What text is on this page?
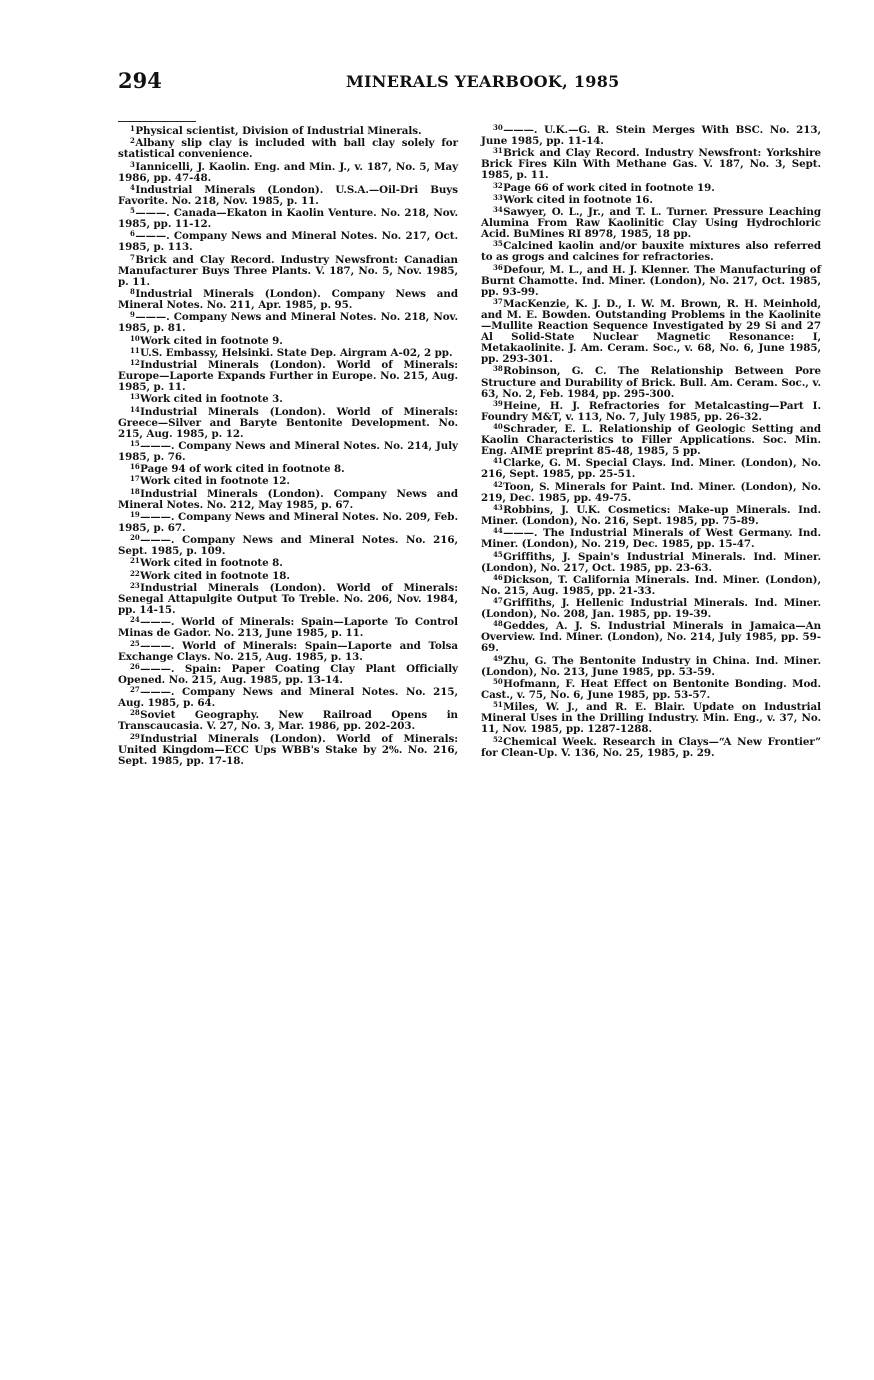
294	MINERALS YEARBOOK, 1985

$^1$Physical scientist, Division of Industrial Minerals.

$^2$Albany slip clay is included with ball clay solely for statistical convenience.

$^3$Iannicelli, J. Kaolin. Eng. and Min. J., v. 187, No. 5, May 1986, pp. 47-48.

$^4$Industrial Minerals (London). U.S.A.—Oil-Dri Buys Favorite. No. 218, Nov. 1985, p. 11.

$^5$———. Canada—Ekaton in Kaolin Venture. No. 218, Nov. 1985, pp. 11-12.

$^6$———. Company News and Mineral Notes. No. 217, Oct. 1985, p. 113.

$^7$Brick and Clay Record. Industry Newsfront: Canadian Manufacturer Buys Three Plants. V. 187, No. 5, Nov. 1985, p. 11.

$^8$Industrial Minerals (London). Company News and Mineral Notes. No. 211, Apr. 1985, p. 95.

$^9$———. Company News and Mineral Notes. No. 218, Nov. 1985, p. 81.

$^{10}$Work cited in footnote 9.

$^{11}$U.S. Embassy, Helsinki. State Dep. Airgram A-02, 2 pp.

$^{12}$Industrial Minerals (London). World of Minerals: Europe—Laporte Expands Further in Europe. No. 215, Aug. 1985, p. 11.

$^{13}$Work cited in footnote 3.

$^{14}$Industrial Minerals (London). World of Minerals: Greece—Silver and Baryte Bentonite Development. No. 215, Aug. 1985, p. 12.

$^{15}$———. Company News and Mineral Notes. No. 214, July 1985, p. 76.

$^{16}$Page 94 of work cited in footnote 8.

$^{17}$Work cited in footnote 12.

$^{18}$Industrial Minerals (London). Company News and Mineral Notes. No. 212, May 1985, p. 67.

$^{19}$———. Company News and Mineral Notes. No. 209, Feb. 1985, p. 67.

$^{20}$———. Company News and Mineral Notes. No. 216, Sept. 1985, p. 109.

$^{21}$Work cited in footnote 8.

$^{22}$Work cited in footnote 18.

$^{23}$Industrial Minerals (London). World of Minerals: Senegal Attapulgite Output To Treble. No. 206, Nov. 1984, pp. 14-15.

$^{24}$———. World of Minerals: Spain—Laporte To Control Minas de Gador. No. 213, June 1985, p. 11.

$^{25}$———. World of Minerals: Spain—Laporte and Tolsa Exchange Clays. No. 215, Aug. 1985, p. 13.

$^{26}$———. Spain: Paper Coating Clay Plant Officially Opened. No. 215, Aug. 1985, pp. 13-14.

$^{27}$———. Company News and Mineral Notes. No. 215, Aug. 1985, p. 64.

$^{28}$Soviet Geography. New Railroad Opens in Transcaucasia. V. 27, No. 3, Mar. 1986, pp. 202-203.

$^{29}$Industrial Minerals (London). World of Minerals: United Kingdom—ECC Ups WBB's Stake by 2%. No. 216, Sept. 1985, pp. 17-18.

$^{30}$———. U.K.—G. R. Stein Merges With BSC. No. 213, June 1985, pp. 11-14.

$^{31}$Brick and Clay Record. Industry Newsfront: Yorkshire Brick Fires Kiln With Methane Gas. V. 187, No. 3, Sept. 1985, p. 11.

$^{32}$Page 66 of work cited in footnote 19.

$^{33}$Work cited in footnote 16.

$^{34}$Sawyer, O. L., Jr., and T. L. Turner. Pressure Leaching Alumina From Raw Kaolinitic Clay Using Hydrochloric Acid. BuMines RI 8978, 1985, 18 pp.

$^{35}$Calcined kaolin and/or bauxite mixtures also referred to as grogs and calcines for refractories.

$^{36}$Defour, M. L., and H. J. Klenner. The Manufacturing of Burnt Chamotte. Ind. Miner. (London), No. 217, Oct. 1985, pp. 93-99.

$^{37}$MacKenzie, K. J. D., I. W. M. Brown, R. H. Meinhold, and M. E. Bowden. Outstanding Problems in the Kaolinite—Mullite Reaction Sequence Investigated by 29 Si and 27 Al Solid-State Nuclear Magnetic Resonance: I, Metakaolinite. J. Am. Ceram. Soc., v. 68, No. 6, June 1985, pp. 293-301.

$^{38}$Robinson, G. C. The Relationship Between Pore Structure and Durability of Brick. Bull. Am. Ceram. Soc., v. 63, No. 2, Feb. 1984, pp. 295-300.

$^{39}$Heine, H. J. Refractories for Metalcasting—Part I. Foundry M&T, v. 113, No. 7, July 1985, pp. 26-32.

$^{40}$Schrader, E. L. Relationship of Geologic Setting and Kaolin Characteristics to Filler Applications. Soc. Min. Eng. AIME preprint 85-48, 1985, 5 pp.

$^{41}$Clarke, G. M. Special Clays. Ind. Miner. (London), No. 216, Sept. 1985, pp. 25-51.

$^{42}$Toon, S. Minerals for Paint. Ind. Miner. (London), No. 219, Dec. 1985, pp. 49-75.

$^{43}$Robbins, J. U.K. Cosmetics: Make-up Minerals. Ind. Miner. (London), No. 216, Sept. 1985, pp. 75-89.

$^{44}$———. The Industrial Minerals of West Germany. Ind. Miner. (London), No. 219, Dec. 1985, pp. 15-47.

$^{45}$Griffiths, J. Spain's Industrial Minerals. Ind. Miner. (London), No. 217, Oct. 1985, pp. 23-63.

$^{46}$Dickson, T. California Minerals. Ind. Miner. (London), No. 215, Aug. 1985, pp. 21-33.

$^{47}$Griffiths, J. Hellenic Industrial Minerals. Ind. Miner. (London), No. 208, Jan. 1985, pp. 19-39.

$^{48}$Geddes, A. J. S. Industrial Minerals in Jamaica—An Overview. Ind. Miner. (London), No. 214, July 1985, pp. 59-69.

$^{49}$Zhu, G. The Bentonite Industry in China. Ind. Miner. (London), No. 213, June 1985, pp. 53-59.

$^{50}$Hofmann, F. Heat Effect on Bentonite Bonding. Mod. Cast., v. 75, No. 6, June 1985, pp. 53-57.

$^{51}$Miles, W. J., and R. E. Blair. Update on Industrial Mineral Uses in the Drilling Industry. Min. Eng., v. 37, No. 11, Nov. 1985, pp. 1287-1288.

$^{52}$Chemical Week. Research in Clays—“A New Frontier” for Clean-Up. V. 136, No. 25, 1985, p. 29.
